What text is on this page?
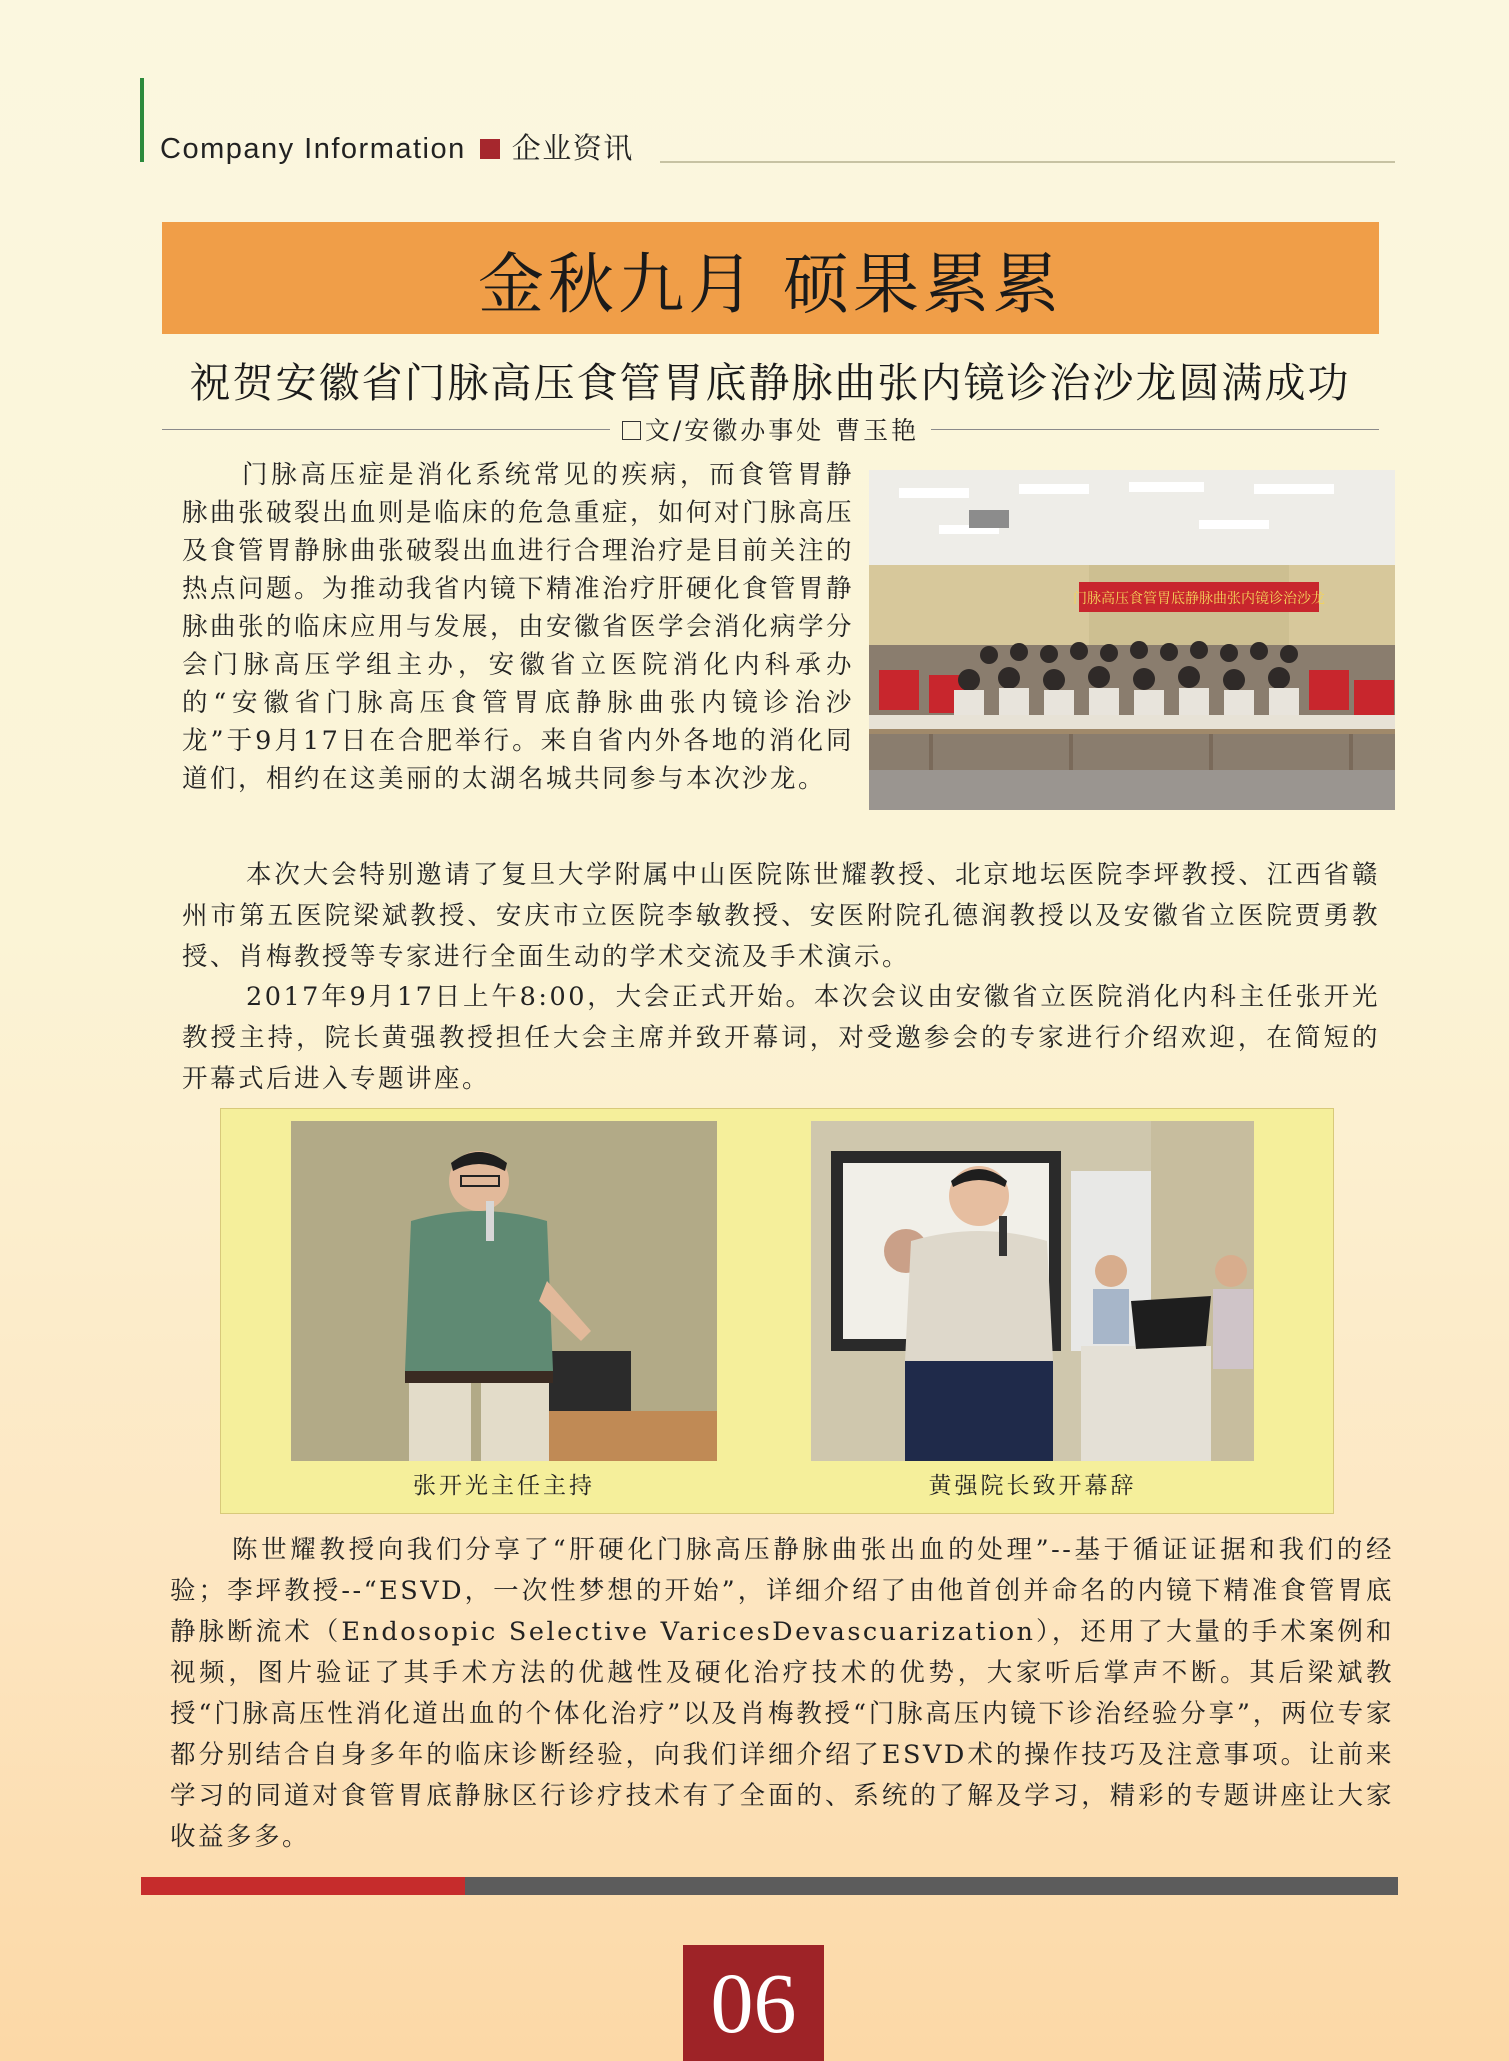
Company Information 企业资讯
金秋九月 硕果累累
祝贺安徽省门脉高压食管胃底静脉曲张内镜诊治沙龙圆满成功
文/安徽办事处 曹玉艳
门脉高压症是消化系统常见的疾病，而食管胃静脉曲张破裂出血则是临床的危急重症，如何对门脉高压及食管胃静脉曲张破裂出血进行合理治疗是目前关注的热点问题。为推动我省内镜下精准治疗肝硬化食管胃静脉曲张的临床应用与发展，由安徽省医学会消化病学分会门脉高压学组主办，安徽省立医院消化内科承办的“安徽省门脉高压食管胃底静脉曲张内镜诊治沙龙”于9月17日在合肥举行。来自省内外各地的消化同道们，相约在这美丽的太湖名城共同参与本次沙龙。
门脉高压食管胃底静脉曲张内镜诊治沙龙
本次大会特别邀请了复旦大学附属中山医院陈世耀教授、北京地坛医院李坪教授、江西省赣州市第五医院梁斌教授、安庆市立医院李敏教授、安医附院孔德润教授以及安徽省立医院贾勇教授、肖梅教授等专家进行全面生动的学术交流及手术演示。
2017年9月17日上午8:00，大会正式开始。本次会议由安徽省立医院消化内科主任张开光教授主持，院长黄强教授担任大会主席并致开幕词，对受邀参会的专家进行介绍欢迎，在简短的开幕式后进入专题讲座。
张开光主任主持	黄强院长致开幕辞
陈世耀教授向我们分享了“肝硬化门脉高压静脉曲张出血的处理”--基于循证证据和我们的经验；李坪教授--“ESVD，一次性梦想的开始”，详细介绍了由他首创并命名的内镜下精准食管胃底静脉断流术（Endosopic Selective VaricesDevascuarization），还用了大量的手术案例和视频，图片验证了其手术方法的优越性及硬化治疗技术的优势，大家听后掌声不断。其后梁斌教授“门脉高压性消化道出血的个体化治疗”以及肖梅教授“门脉高压内镜下诊治经验分享”，两位专家都分别结合自身多年的临床诊断经验，向我们详细介绍了ESVD术的操作技巧及注意事项。让前来学习的同道对食管胃底静脉区行诊疗技术有了全面的、系统的了解及学习，精彩的专题讲座让大家收益多多。
06
